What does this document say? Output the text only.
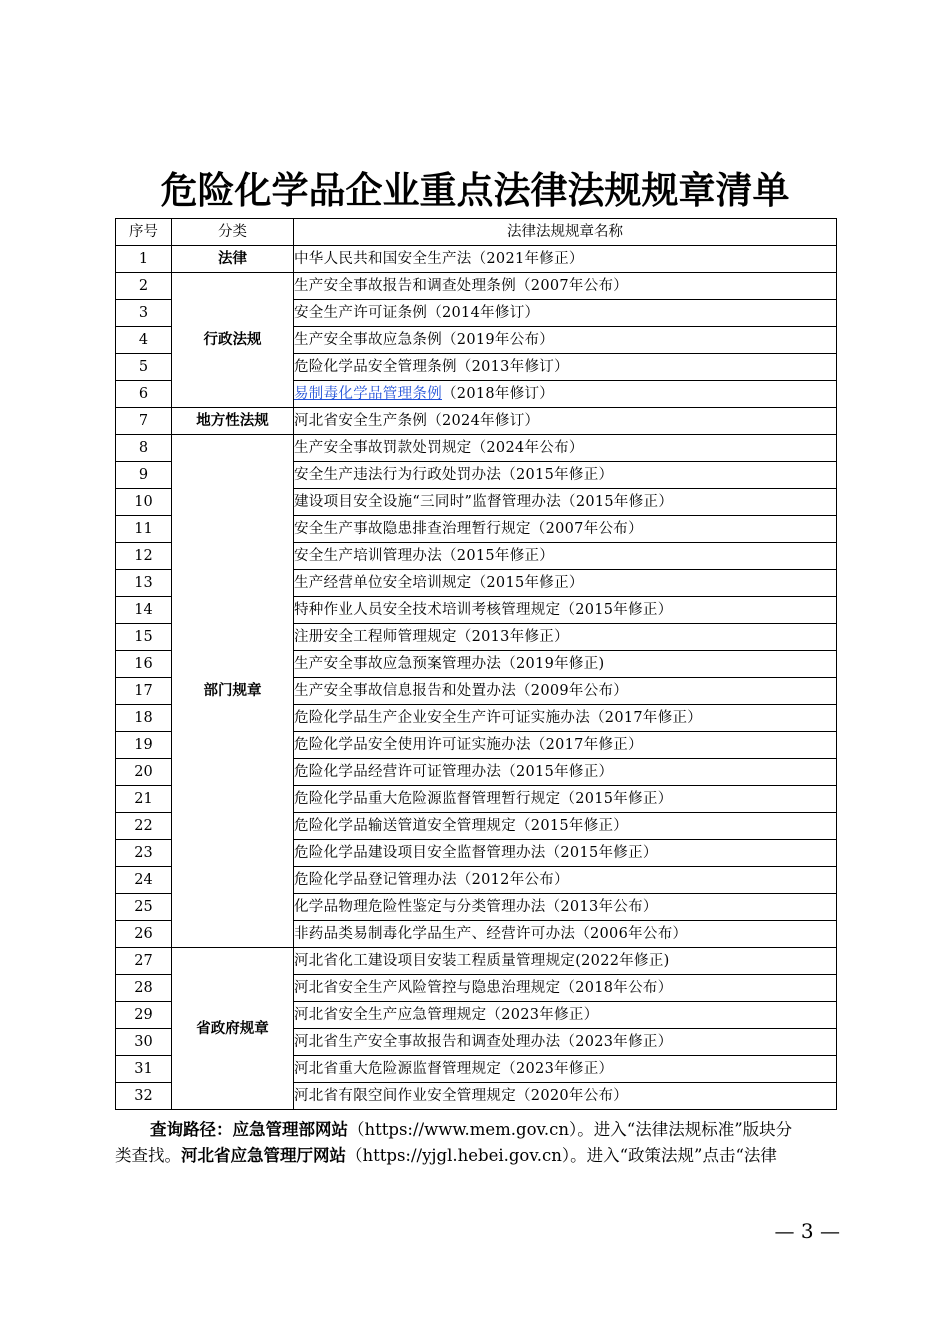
危险化学品企业重点法律法规规章清单
序号	分类	法律法规规章名称
1	法律	中华人民共和国安全生产法（2021年修正）
2	行政法规	生产安全事故报告和调查处理条例（2007年公布）
3		安全生产许可证条例（2014年修订）
4		生产安全事故应急条例（2019年公布）
5		危险化学品安全管理条例（2013年修订）
6		易制毒化学品管理条例（2018年修订）
7	地方性法规	河北省安全生产条例（2024年修订）
8	部门规章	生产安全事故罚款处罚规定（2024年公布）
9		安全生产违法行为行政处罚办法（2015年修正）
10		建设项目安全设施“三同时”监督管理办法（2015年修正）
11		安全生产事故隐患排查治理暂行规定（2007年公布）
12		安全生产培训管理办法（2015年修正）
13		生产经营单位安全培训规定（2015年修正）
14		特种作业人员安全技术培训考核管理规定（2015年修正）
15		注册安全工程师管理规定（2013年修正）
16		生产安全事故应急预案管理办法（2019年修正)
17		生产安全事故信息报告和处置办法（2009年公布）
18		危险化学品生产企业安全生产许可证实施办法（2017年修正）
19		危险化学品安全使用许可证实施办法（2017年修正）
20		危险化学品经营许可证管理办法（2015年修正）
21		危险化学品重大危险源监督管理暂行规定（2015年修正）
22		危险化学品输送管道安全管理规定（2015年修正）
23		危险化学品建设项目安全监督管理办法（2015年修正）
24		危险化学品登记管理办法（2012年公布）
25		化学品物理危险性鉴定与分类管理办法（2013年公布）
26		非药品类易制毒化学品生产、经营许可办法（2006年公布）
27	省政府规章	河北省化工建设项目安装工程质量管理规定(2022年修正)
28		河北省安全生产风险管控与隐患治理规定（2018年公布）
29		河北省安全生产应急管理规定（2023年修正）
30		河北省生产安全事故报告和调查处理办法（2023年修正）
31		河北省重大危险源监督管理规定（2023年修正）
32		河北省有限空间作业安全管理规定（2020年公布）

查询路径：应急管理部网站（https://www.mem.gov.cn）。进入“法律法规标准”版块分

类查找。河北省应急管理厅网站（https://yjgl.hebei.gov.cn）。进入“政策法规”点击“法律

— 3 —
